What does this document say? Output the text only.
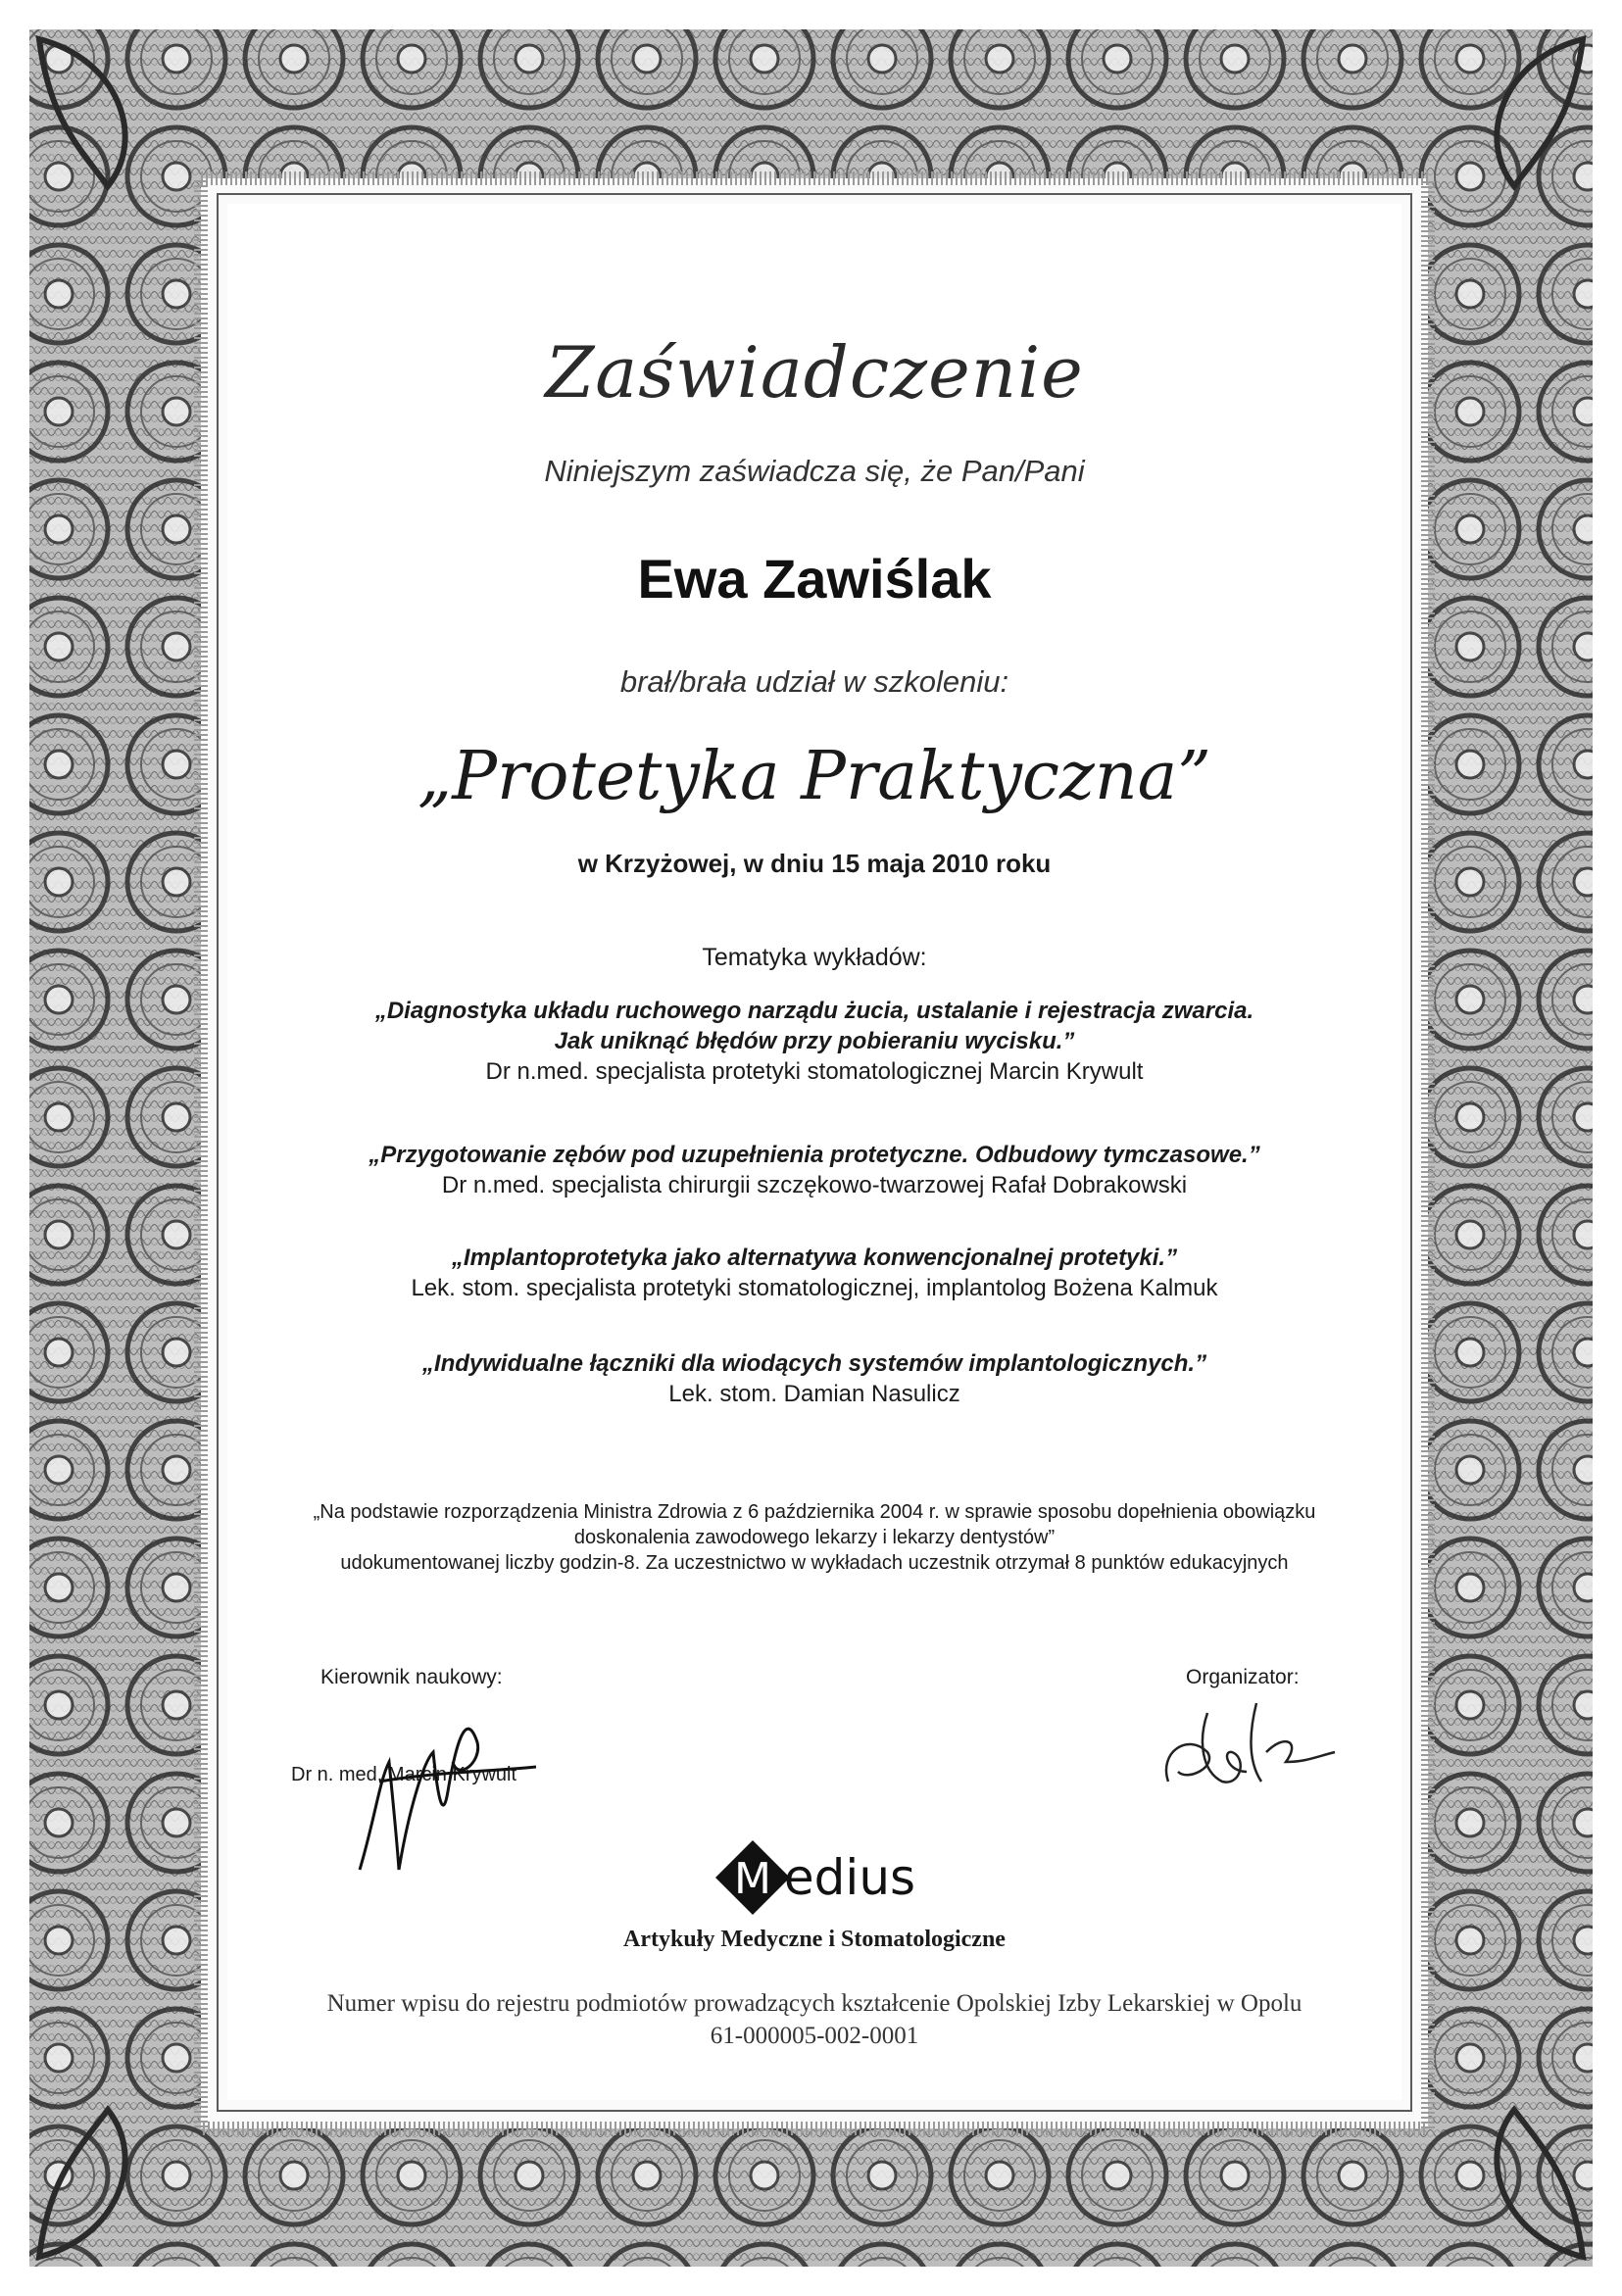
Zaświadczenie
Niniejszym zaświadcza się, że Pan/Pani
Ewa Zawiślak
brał/brała udział w szkoleniu:
„Protetyka Praktyczna”
w Krzyżowej, w dniu 15 maja 2010 roku
Tematyka wykładów:
„Diagnostyka układu ruchowego narządu żucia, ustalanie i rejestracja zwarcia.
Jak uniknąć błędów przy pobieraniu wycisku.”
Dr n.med. specjalista protetyki stomatologicznej Marcin Krywult
„Przygotowanie zębów pod uzupełnienia protetyczne. Odbudowy tymczasowe.”
Dr n.med. specjalista chirurgii szczękowo-twarzowej Rafał Dobrakowski
„Implantoprotetyka jako alternatywa konwencjonalnej protetyki.”
Lek. stom. specjalista protetyki stomatologicznej, implantolog Bożena Kalmuk
„Indywidualne łączniki dla wiodących systemów implantologicznych.”
Lek. stom. Damian Nasulicz
„Na podstawie rozporządzenia Ministra Zdrowia z 6 października 2004 r. w sprawie sposobu dopełnienia obowiązku
doskonalenia zawodowego lekarzy i lekarzy dentystów”
udokumentowanej liczby godzin-8. Za uczestnictwo w wykładach uczestnik otrzymał 8 punktów edukacyjnych
Kierownik naukowy:
Dr n. med. Marcin Krywult
Organizator:
M edius
Artykuły Medyczne i Stomatologiczne
Numer wpisu do rejestru podmiotów prowadzących kształcenie Opolskiej Izby Lekarskiej w Opolu
61-000005-002-0001
